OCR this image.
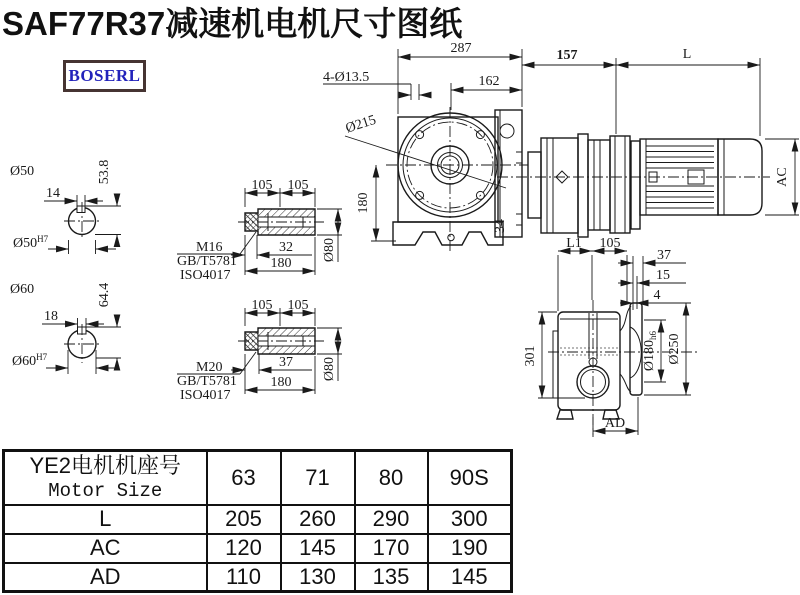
SAF77R37减速机电机尺寸图纸
BOSERL
Ø215
287
162
4-Ø13.5
180
34
AC
157	L
Ø50
14
53.8
$Ø50^{H7}$
Ø60
18
64.4
$Ø60^{H7}$
105 105
M16
GB/T5781
ISO4017
32
180
Ø80
105 105
M20
GB/T5781
ISO4017
37
180
Ø80
L1 105
37
15
4
301	$Ø180_{h6}$ Ø250
AD
YE2电机机座号
Motor Size	63	71	80	90S
L	205	260	290	300
AC	120	145	170	190
AD	110	130	135	145
